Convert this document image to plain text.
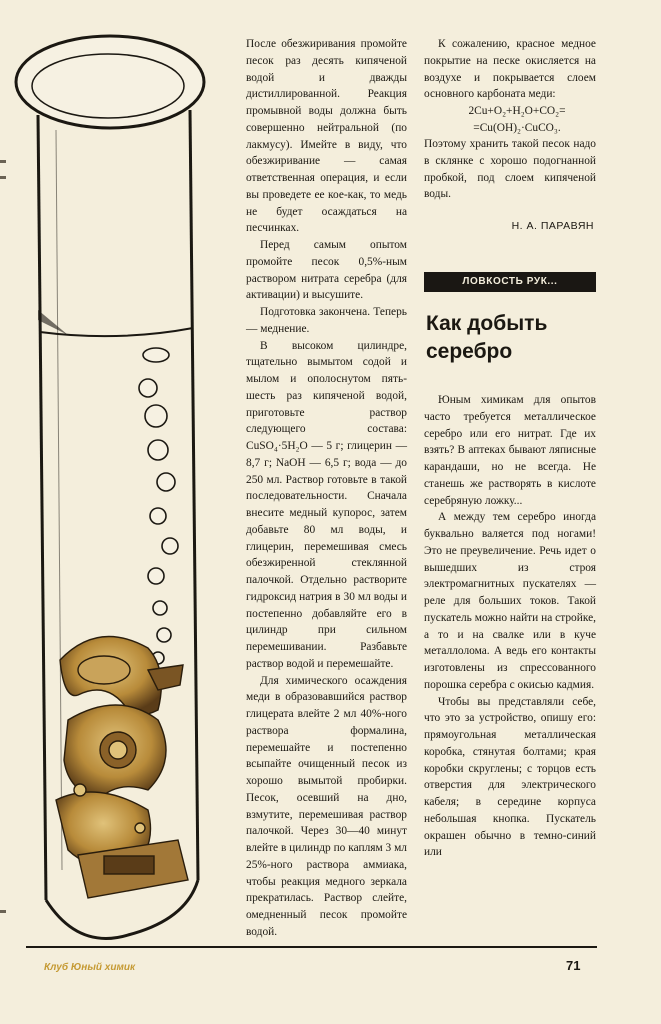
После обезжиривания промойте песок раз десять кипяченой водой и дважды дистиллированной. Реакция промывной воды должна быть совершенно нейтральной (по лакмусу). Имейте в виду, что обезжиривание — самая ответственная операция, и если вы проведете ее кое-как, то медь не будет осаждаться на песчинках.

Перед самым опытом промойте песок 0,5%-ным раствором нитрата серебра (для активации) и высушите.

Подготовка закончена. Теперь — меднение.

В высоком цилиндре, тщательно вымытом содой и мылом и ополоснутом пять-шесть раз кипяченой водой, приготовьте раствор следующего состава: CuSO₄·5H₂O — 5 г; глицерин — 8,7 г; NaOH — 6,5 г; вода — до 250 мл. Раствор готовьте в такой последовательности. Сначала внесите медный купорос, затем добавьте 80 мл воды, и глицерин, перемешивая смесь обезжиренной стеклянной палочкой. Отдельно растворите гидроксид натрия в 30 мл воды и постепенно добавляйте его в цилиндр при сильном перемешивании. Разбавьте раствор водой и перемешайте.

Для химического осаждения меди в образовавшийся раствор глицерата влейте 2 мл 40%-ного раствора формалина, перемешайте и постепенно всыпайте очищенный песок из хорошо вымытой пробирки. Песок, осевший на дно, взмутите, перемешивая раствор палочкой. Через 30—40 минут влейте в цилиндр по каплям 3 мл 25%-ного раствора аммиака, чтобы реакция медного зеркала прекратилась. Раствор слейте, омедненный песок промойте водой.

К сожалению, красное медное покрытие на песке окисляется на воздухе и покрывается слоем основного карбоната меди:

2Cu+O₂+H₂O+CO₂=

=Cu(OH)₂·CuCO₃.

Поэтому хранить такой песок надо в склянке с хорошо подогнанной пробкой, под слоем кипяченой воды.

Н. А. ПАРАВЯН
ЛОВКОСТЬ РУК...
Как добыть серебро

Юным химикам для опытов часто требуется металлическое серебро или его нитрат. Где их взять? В аптеках бывают ляписные карандаши, но не всегда. Не станешь же растворять в кислоте серебряную ложку...

А между тем серебро иногда буквально валяется под ногами! Это не преувеличение. Речь идет о вышедших из строя электромагнитных пускателях — реле для больших токов. Такой пускатель можно найти на стройке, а то и на свалке или в куче металлолома. А ведь его контакты изготовлены из спрессованного порошка серебра с окисью кадмия.

Чтобы вы представляли себе, что это за устройство, опишу его: прямоугольная металлическая коробка, стянутая болтами; края коробки скруглены; с торцов есть отверстия для электрического кабеля; в середине корпуса небольшая кнопка. Пускатель окрашен обычно в темно-синий или

Клуб Юный химик	71
